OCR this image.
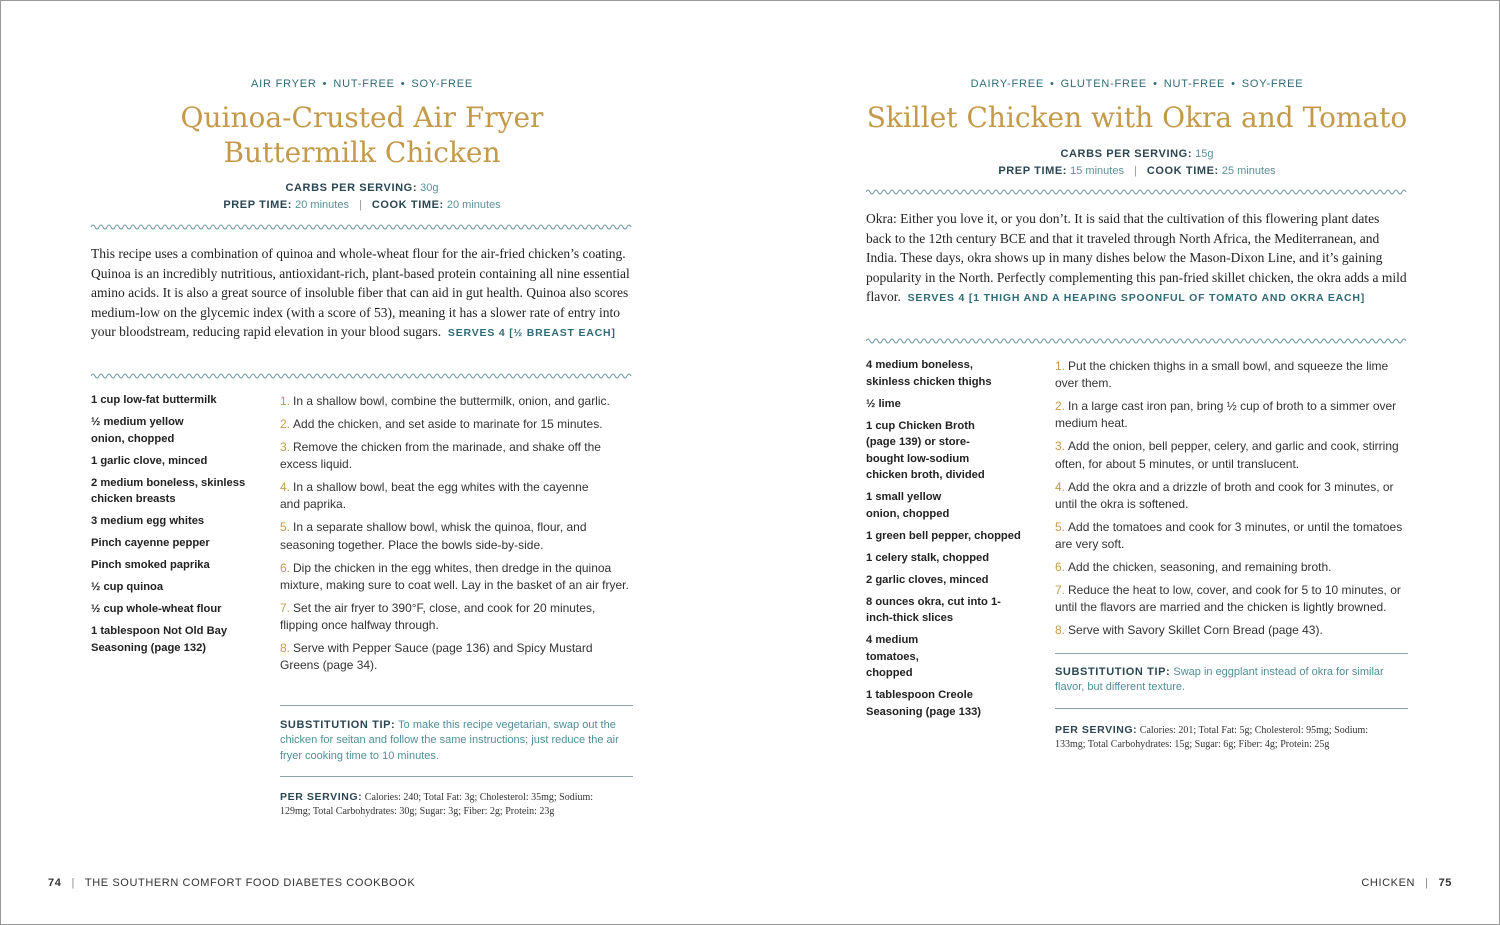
AIR FRYER • NUT-FREE • SOY-FREE
Quinoa-Crusted Air Fryer
Buttermilk Chicken
CARBS PER SERVING: 30g
PREP TIME: 20 minutes | COOK TIME: 20 minutes
This recipe uses a combination of quinoa and whole-wheat flour for the air-fried chicken’s coating. Quinoa is an incredibly nutritious, antioxidant-rich, plant-based protein containing all nine essential amino acids. It is also a great source of insoluble fiber that can aid in gut health. Quinoa also scores medium-low on the glycemic index (with a score of 53), meaning it has a slower rate of entry into your bloodstream, reducing rapid elevation in your blood sugars. SERVES 4 [½ BREAST EACH]
1 cup low-fat buttermilk
½ medium yellow onion, chopped
1 garlic clove, minced
2 medium boneless, skinless chicken breasts
3 medium egg whites
Pinch cayenne pepper
Pinch smoked paprika
½ cup quinoa
½ cup whole-wheat flour
1 tablespoon Not Old Bay Seasoning (page 132)
1. In a shallow bowl, combine the buttermilk, onion, and garlic.
2. Add the chicken, and set aside to marinate for 15 minutes.
3. Remove the chicken from the marinade, and shake off the excess liquid.
4. In a shallow bowl, beat the egg whites with the cayenne and paprika.
5. In a separate shallow bowl, whisk the quinoa, flour, and seasoning together. Place the bowls side-by-side.
6. Dip the chicken in the egg whites, then dredge in the quinoa mixture, making sure to coat well. Lay in the basket of an air fryer.
7. Set the air fryer to 390°F, close, and cook for 20 minutes, flipping once halfway through.
8. Serve with Pepper Sauce (page 136) and Spicy Mustard Greens (page 34).
SUBSTITUTION TIP: To make this recipe vegetarian, swap out the chicken for seitan and follow the same instructions; just reduce the air fryer cooking time to 10 minutes.
PER SERVING: Calories: 240; Total Fat: 3g; Cholesterol: 35mg; Sodium: 129mg; Total Carbohydrates: 30g; Sugar: 3g; Fiber: 2g; Protein: 23g
74 | THE SOUTHERN COMFORT FOOD DIABETES COOKBOOK
DAIRY-FREE • GLUTEN-FREE • NUT-FREE • SOY-FREE
Skillet Chicken with Okra and Tomato
CARBS PER SERVING: 15g
PREP TIME: 15 minutes | COOK TIME: 25 minutes
Okra: Either you love it, or you don’t. It is said that the cultivation of this flowering plant dates back to the 12th century BCE and that it traveled through North Africa, the Mediterranean, and India. These days, okra shows up in many dishes below the Mason-Dixon Line, and it’s gaining popularity in the North. Perfectly complementing this pan-fried skillet chicken, the okra adds a mild flavor. SERVES 4 [1 THIGH AND A HEAPING SPOONFUL OF TOMATO AND OKRA EACH]
4 medium boneless, skinless chicken thighs
½ lime
1 cup Chicken Broth (page 139) or store-bought low-sodium chicken broth, divided
1 small yellow onion, chopped
1 green bell pepper, chopped
1 celery stalk, chopped
2 garlic cloves, minced
8 ounces okra, cut into 1-inch-thick slices
4 medium tomatoes, chopped
1 tablespoon Creole Seasoning (page 133)
1. Put the chicken thighs in a small bowl, and squeeze the lime over them.
2. In a large cast iron pan, bring ½ cup of broth to a simmer over medium heat.
3. Add the onion, bell pepper, celery, and garlic and cook, stirring often, for about 5 minutes, or until translucent.
4. Add the okra and a drizzle of broth and cook for 3 minutes, or until the okra is softened.
5. Add the tomatoes and cook for 3 minutes, or until the tomatoes are very soft.
6. Add the chicken, seasoning, and remaining broth.
7. Reduce the heat to low, cover, and cook for 5 to 10 minutes, or until the flavors are married and the chicken is lightly browned.
8. Serve with Savory Skillet Corn Bread (page 43).
SUBSTITUTION TIP: Swap in eggplant instead of okra for similar flavor, but different texture.
PER SERVING: Calories: 201; Total Fat: 5g; Cholesterol: 95mg; Sodium: 133mg; Total Carbohydrates: 15g; Sugar: 6g; Fiber: 4g; Protein: 25g
CHICKEN | 75
